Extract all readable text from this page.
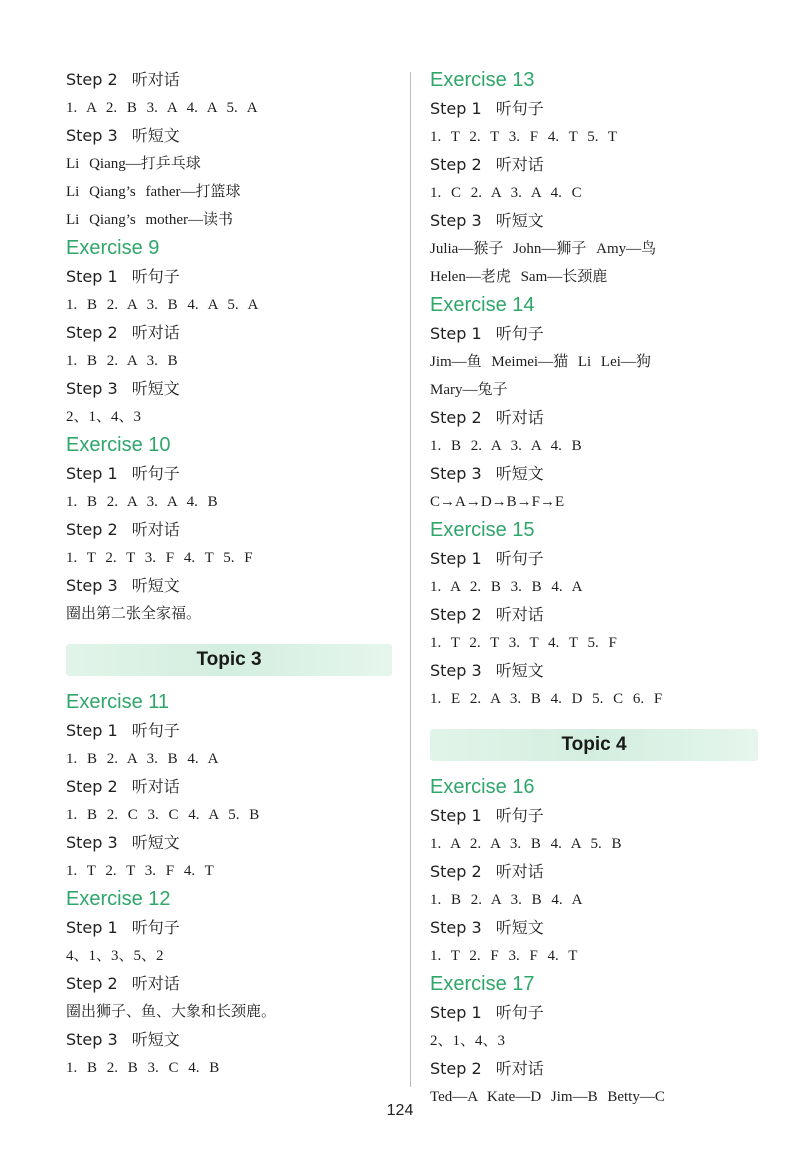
Step 2 听对话
1. A 2. B 3. A 4. A 5. A
Step 3 听短文
Li Qiang—打乒乓球
Li Qiang’s father—打篮球
Li Qiang’s mother—读书
Exercise 9
Step 1 听句子
1. B 2. A 3. B 4. A 5. A
Step 2 听对话
1. B 2. A 3. B
Step 3 听短文
2、1、4、3
Exercise 10
Step 1 听句子
1. B 2. A 3. A 4. B
Step 2 听对话
1. T 2. T 3. F 4. T 5. F
Step 3 听短文
圈出第二张全家福。
Topic 3
Exercise 11
Step 1 听句子
1. B 2. A 3. B 4. A
Step 2 听对话
1. B 2. C 3. C 4. A 5. B
Step 3 听短文
1. T 2. T 3. F 4. T
Exercise 12
Step 1 听句子
4、1、3、5、2
Step 2 听对话
圈出狮子、鱼、大象和长颈鹿。
Step 3 听短文
1. B 2. B 3. C 4. B
Exercise 13
Step 1 听句子
1. T 2. T 3. F 4. T 5. T
Step 2 听对话
1. C 2. A 3. A 4. C
Step 3 听短文
Julia—猴子 John—狮子 Amy—鸟
Helen—老虎 Sam—长颈鹿
Exercise 14
Step 1 听句子
Jim—鱼 Meimei—猫 Li Lei—狗
Mary—兔子
Step 2 听对话
1. B 2. A 3. A 4. B
Step 3 听短文
C→A→D→B→F→E
Exercise 15
Step 1 听句子
1. A 2. B 3. B 4. A
Step 2 听对话
1. T 2. T 3. T 4. T 5. F
Step 3 听短文
1. E 2. A 3. B 4. D 5. C 6. F
Topic 4
Exercise 16
Step 1 听句子
1. A 2. A 3. B 4. A 5. B
Step 2 听对话
1. B 2. A 3. B 4. A
Step 3 听短文
1. T 2. F 3. F 4. T
Exercise 17
Step 1 听句子
2、1、4、3
Step 2 听对话
Ted—A Kate—D Jim—B Betty—C
124
